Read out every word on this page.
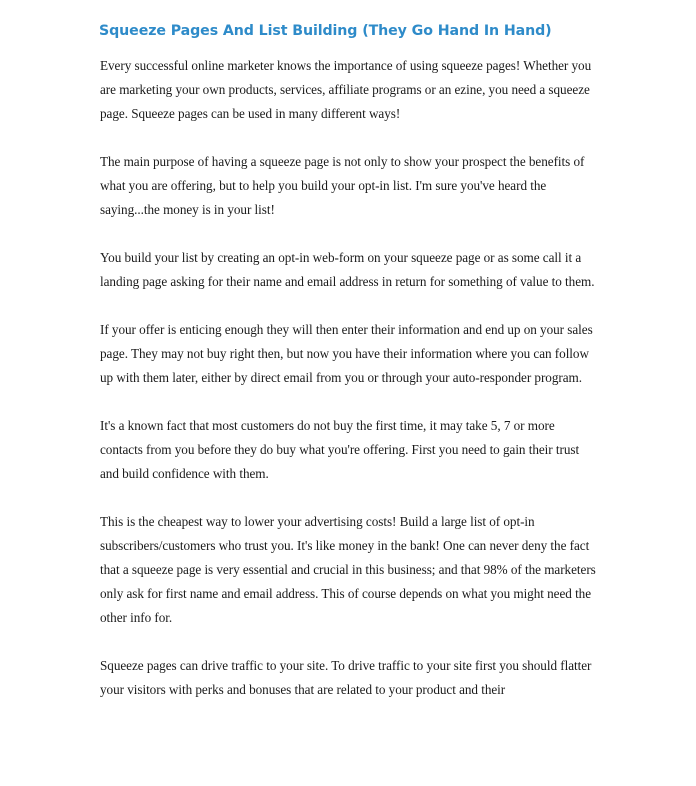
Squeeze Pages And List Building (They Go Hand In Hand)

Every successful online marketer knows the importance of using squeeze pages! Whether you are marketing your own products, services, affiliate programs or an ezine, you need a squeeze page. Squeeze pages can be used in many different ways!

The main purpose of having a squeeze page is not only to show your prospect the benefits of what you are offering, but to help you build your opt-in list. I'm sure you've heard the saying...the money is in your list!

You build your list by creating an opt-in web-form on your squeeze page or as some call it a landing page asking for their name and email address in return for something of value to them.

If your offer is enticing enough they will then enter their information and end up on your sales page. They may not buy right then, but now you have their information where you can follow up with them later, either by direct email from you or through your auto-responder program.

It's a known fact that most customers do not buy the first time, it may take 5, 7 or more contacts from you before they do buy what you're offering. First you need to gain their trust and build confidence with them.

This is the cheapest way to lower your advertising costs! Build a large list of opt-in subscribers/customers who trust you. It's like money in the bank! One can never deny the fact that a squeeze page is very essential and crucial in this business; and that 98% of the marketers only ask for first name and email address. This of course depends on what you might need the other info for.

Squeeze pages can drive traffic to your site. To drive traffic to your site first you should flatter your visitors with perks and bonuses that are related to your product and their
